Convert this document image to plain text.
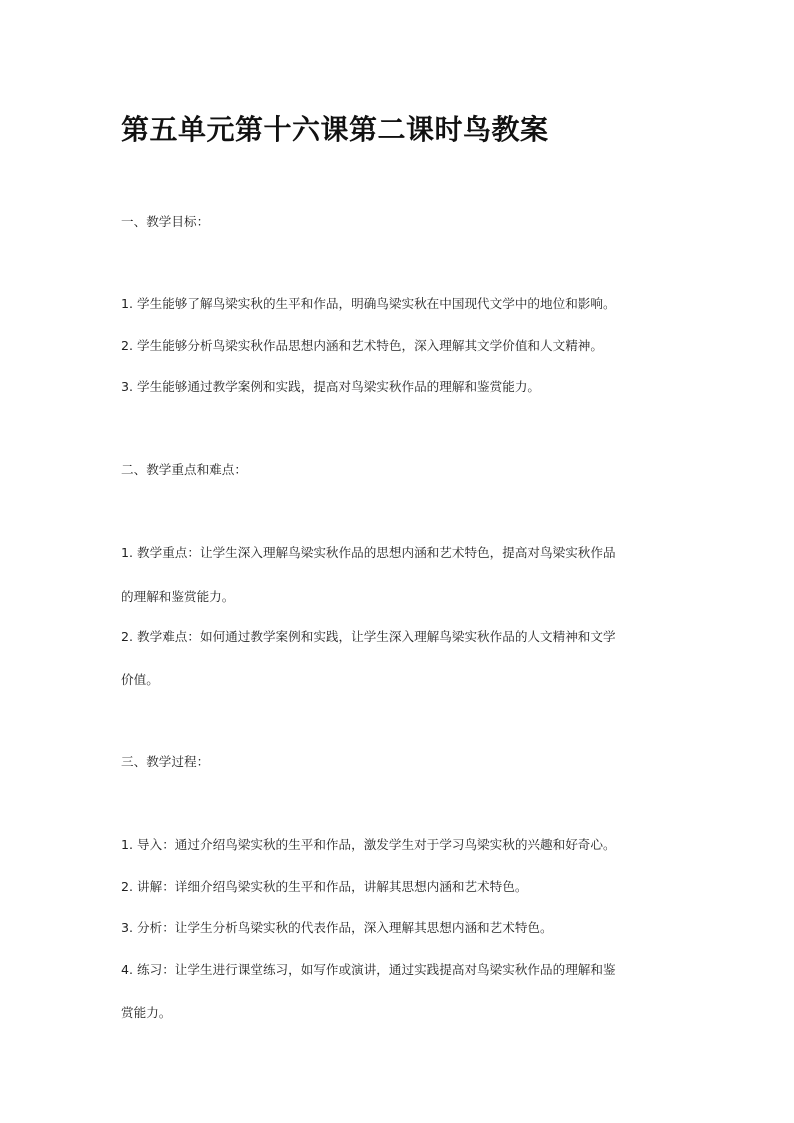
第五单元第十六课第二课时鸟教案
一、教学目标：
1. 学生能够了解鸟梁实秋的生平和作品，明确鸟梁实秋在中国现代文学中的地位和影响。
2. 学生能够分析鸟梁实秋作品思想内涵和艺术特色，深入理解其文学价值和人文精神。
3. 学生能够通过教学案例和实践，提高对鸟梁实秋作品的理解和鉴赏能力。
二、教学重点和难点：
1. 教学重点：让学生深入理解鸟梁实秋作品的思想内涵和艺术特色，提高对鸟梁实秋作品
的理解和鉴赏能力。
2. 教学难点：如何通过教学案例和实践，让学生深入理解鸟梁实秋作品的人文精神和文学
价值。
三、教学过程：
1. 导入：通过介绍鸟梁实秋的生平和作品，激发学生对于学习鸟梁实秋的兴趣和好奇心。
2. 讲解：详细介绍鸟梁实秋的生平和作品，讲解其思想内涵和艺术特色。
3. 分析：让学生分析鸟梁实秋的代表作品，深入理解其思想内涵和艺术特色。
4. 练习：让学生进行课堂练习，如写作或演讲，通过实践提高对鸟梁实秋作品的理解和鉴
赏能力。
